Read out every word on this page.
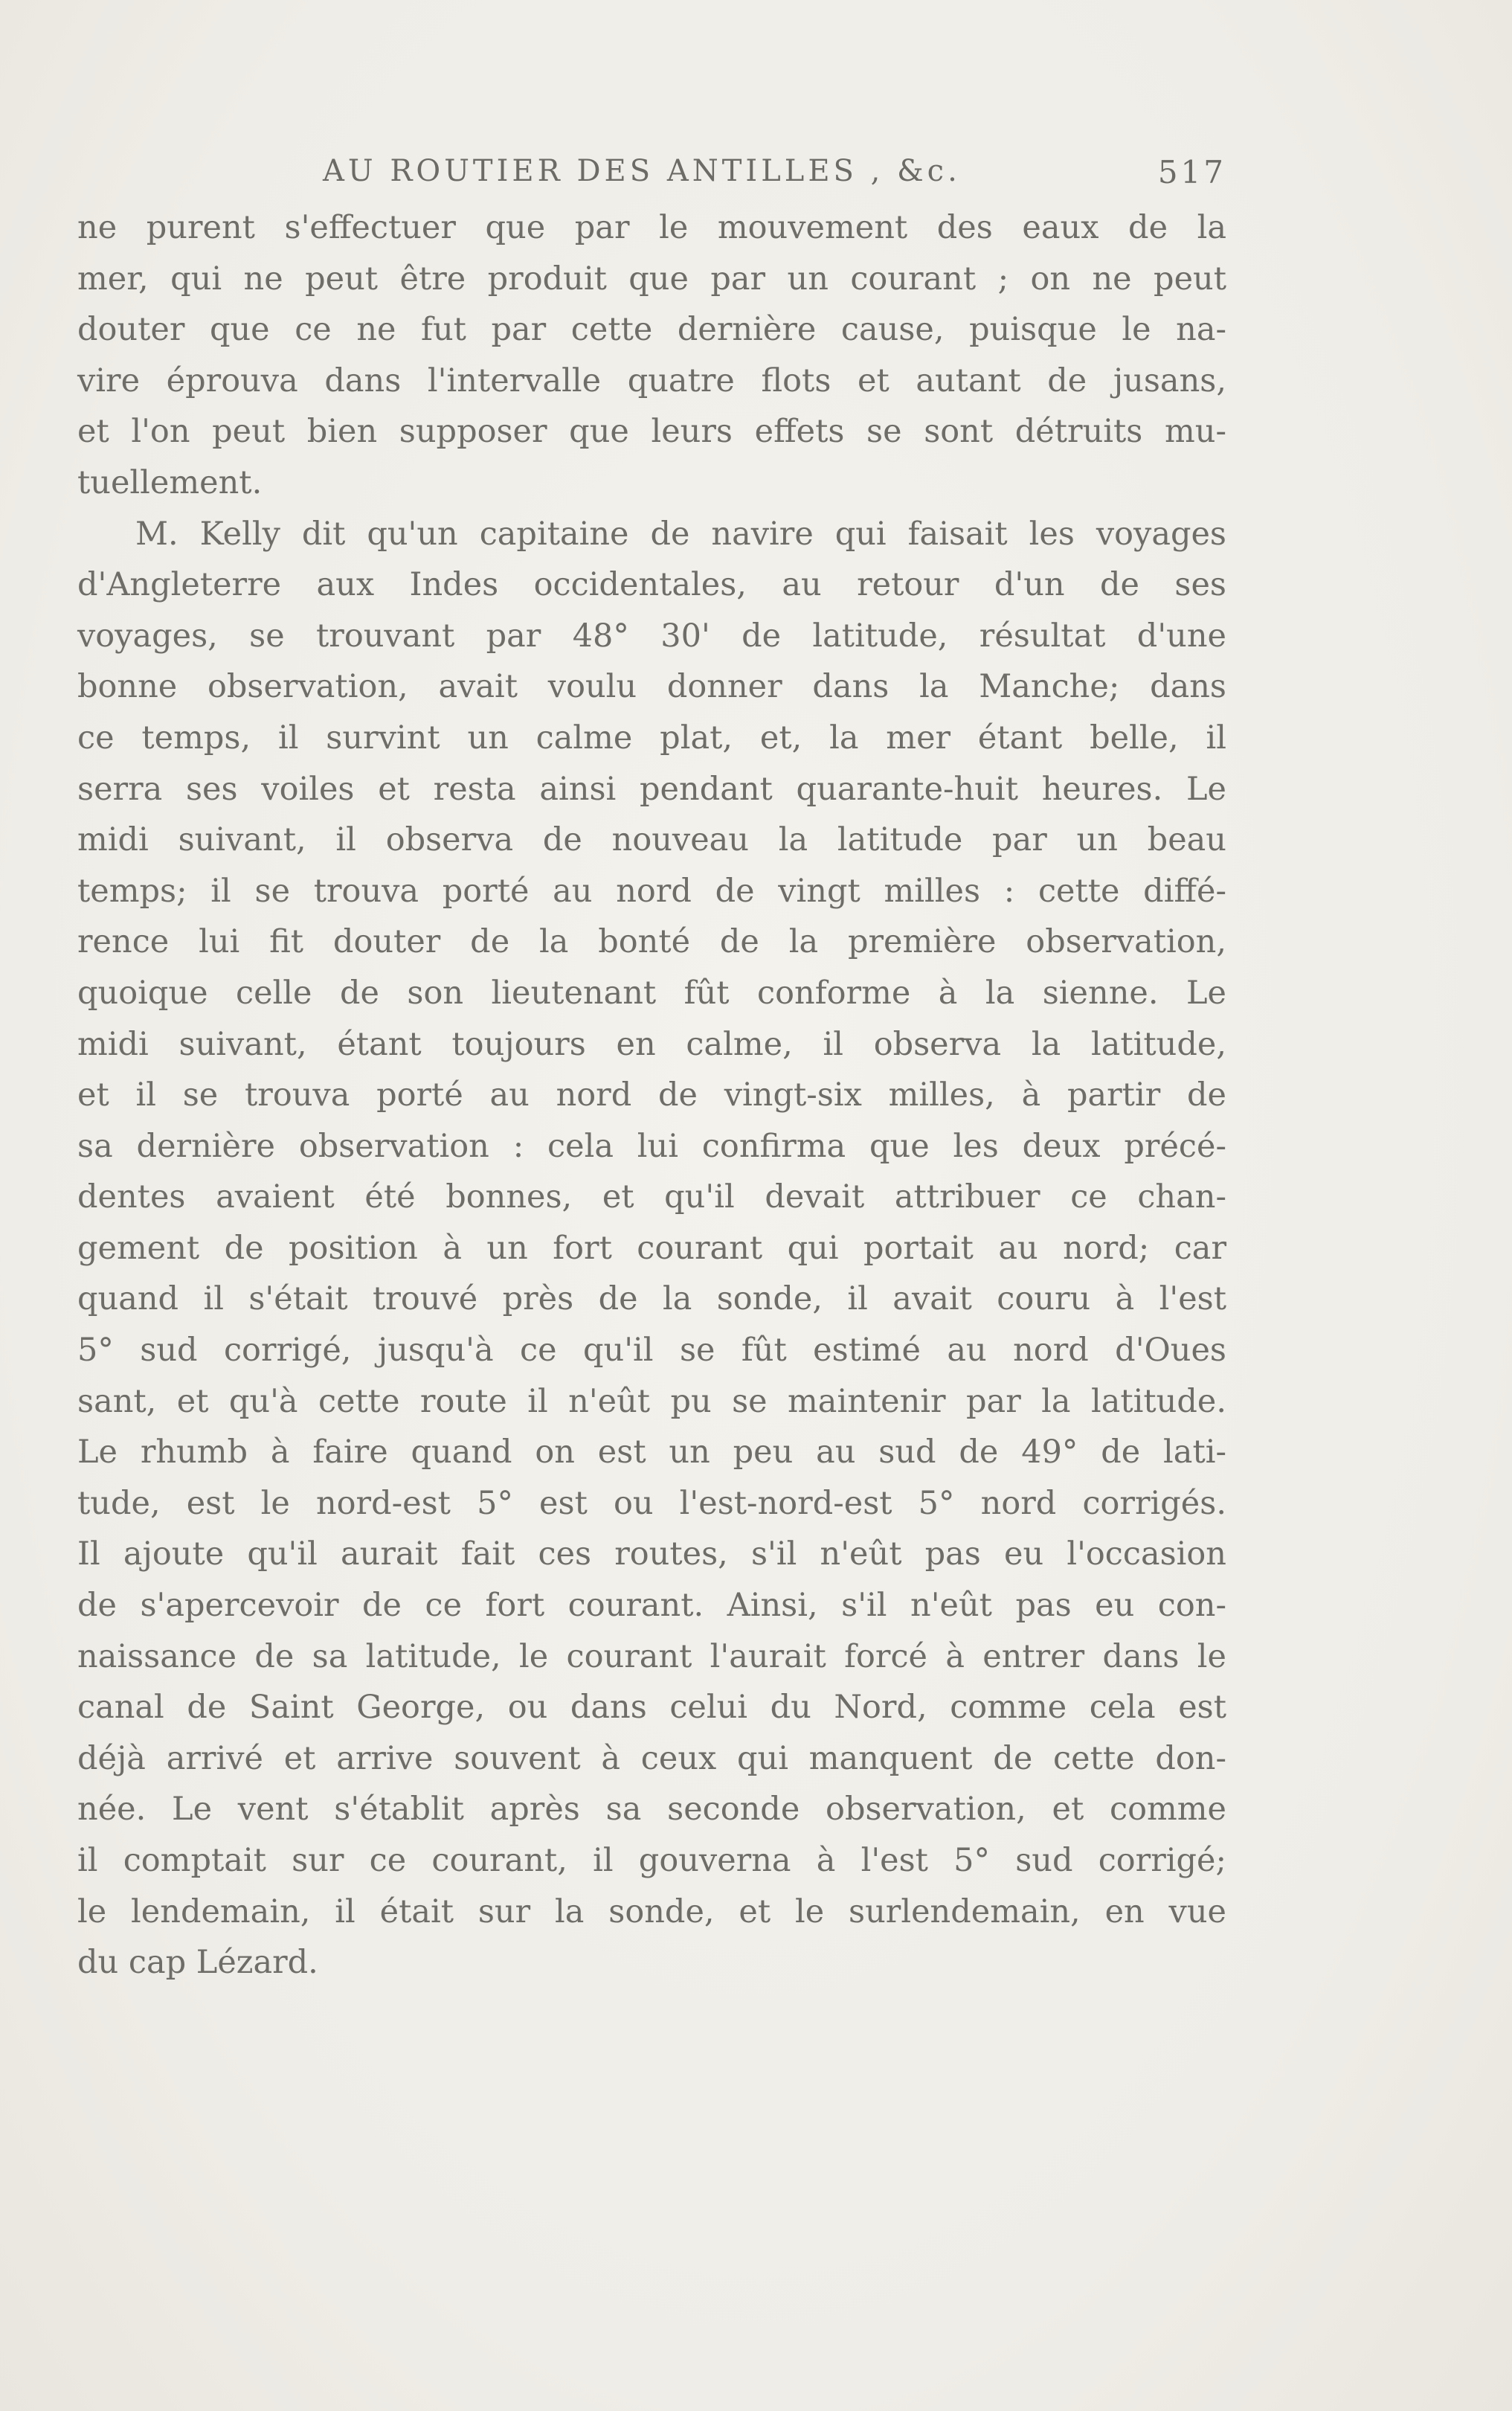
AU ROUTIER DES ANTILLES , &c.	517
ne purent s'effectuer que par le mouvement des eaux de la
mer, qui ne peut être produit que par un courant ; on ne peut
douter que ce ne fut par cette dernière cause, puisque le na-
vire éprouva dans l'intervalle quatre flots et autant de jusans,
et l'on peut bien supposer que leurs effets se sont détruits mu-
tuellement.
M. Kelly dit qu'un capitaine de navire qui faisait les voyages
d'Angleterre aux Indes occidentales, au retour d'un de ses
voyages, se trouvant par 48° 30' de latitude, résultat d'une
bonne observation, avait voulu donner dans la Manche; dans
ce temps, il survint un calme plat, et, la mer étant belle, il
serra ses voiles et resta ainsi pendant quarante-huit heures. Le
midi suivant, il observa de nouveau la latitude par un beau
temps; il se trouva porté au nord de vingt milles : cette diffé-
rence lui fit douter de la bonté de la première observation,
quoique celle de son lieutenant fût conforme à la sienne. Le
midi suivant, étant toujours en calme, il observa la latitude,
et il se trouva porté au nord de vingt-six milles, à partir de
sa dernière observation : cela lui confirma que les deux précé-
dentes avaient été bonnes, et qu'il devait attribuer ce chan-
gement de position à un fort courant qui portait au nord; car
quand il s'était trouvé près de la sonde, il avait couru à l'est
5° sud corrigé, jusqu'à ce qu'il se fût estimé au nord d'Oues
sant, et qu'à cette route il n'eût pu se maintenir par la latitude.
Le rhumb à faire quand on est un peu au sud de 49° de lati-
tude, est le nord-est 5° est ou l'est-nord-est 5° nord corrigés.
Il ajoute qu'il aurait fait ces routes, s'il n'eût pas eu l'occasion
de s'apercevoir de ce fort courant. Ainsi, s'il n'eût pas eu con-
naissance de sa latitude, le courant l'aurait forcé à entrer dans le
canal de Saint George, ou dans celui du Nord, comme cela est
déjà arrivé et arrive souvent à ceux qui manquent de cette don-
née. Le vent s'établit après sa seconde observation, et comme
il comptait sur ce courant, il gouverna à l'est 5° sud corrigé;
le lendemain, il était sur la sonde, et le surlendemain, en vue
du cap Lézard.
